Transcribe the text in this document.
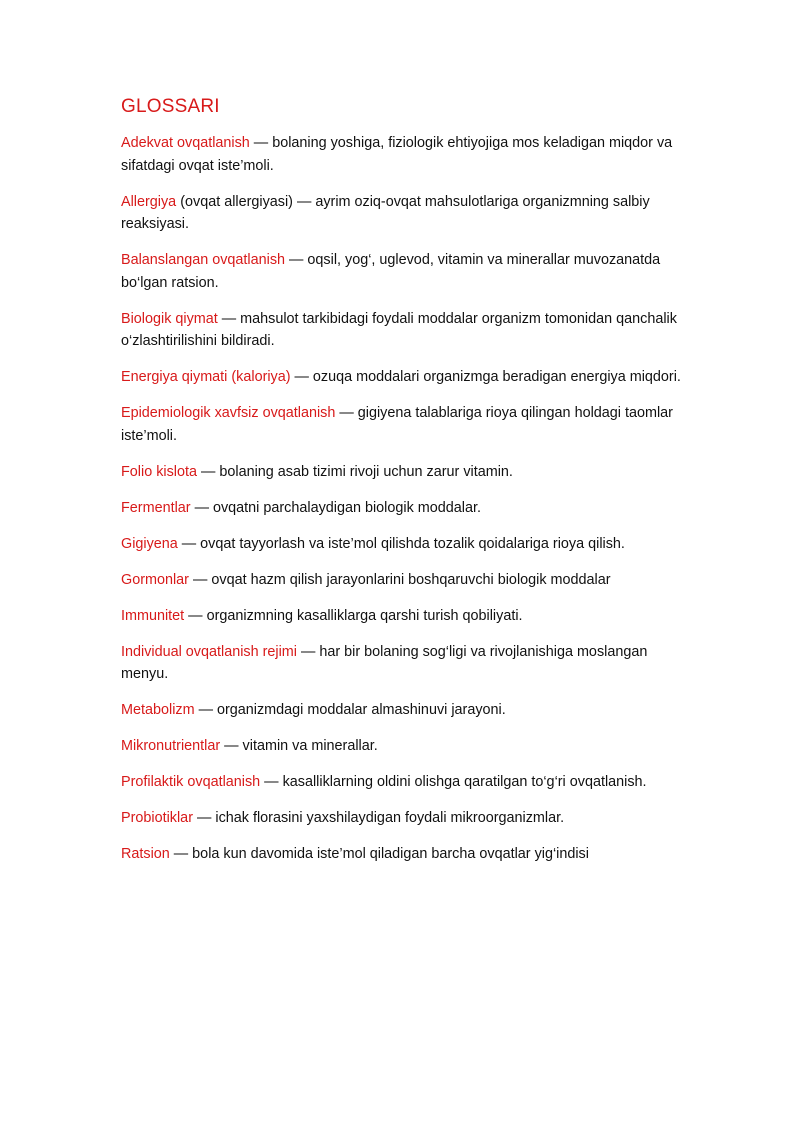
GLOSSARI

Adekvat ovqatlanish — bolaning yoshiga, fiziologik ehtiyojiga mos keladigan miqdor va sifatdagi ovqat iste’moli.

Allergiya (ovqat allergiyasi) — ayrim oziq-ovqat mahsulotlariga organizmning salbiy reaksiyasi.

Balanslangan ovqatlanish — oqsil, yog‘, uglevod, vitamin va minerallar muvozanatda bo‘lgan ratsion.

Biologik qiymat — mahsulot tarkibidagi foydali moddalar organizm tomonidan qanchalik o‘zlashtirilishini bildiradi.

Energiya qiymati (kaloriya) — ozuqa moddalari organizmga beradigan energiya miqdori.

Epidemiologik xavfsiz ovqatlanish — gigiyena talablariga rioya qilingan holdagi taomlar iste’moli.

Folio kislota — bolaning asab tizimi rivoji uchun zarur vitamin.

Fermentlar — ovqatni parchalaydigan biologik moddalar.

Gigiyena — ovqat tayyorlash va iste’mol qilishda tozalik qoidalariga rioya qilish.

Gormonlar — ovqat hazm qilish jarayonlarini boshqaruvchi biologik moddalar

Immunitet — organizmning kasalliklarga qarshi turish qobiliyati.

Individual ovqatlanish rejimi — har bir bolaning sog‘ligi va rivojlanishiga moslangan menyu.

Metabolizm — organizmdagi moddalar almashinuvi jarayoni.

Mikronutrientlar — vitamin va minerallar.

Profilaktik ovqatlanish — kasalliklarning oldini olishga qaratilgan to‘g‘ri ovqatlanish.

Probiotiklar — ichak florasini yaxshilaydigan foydali mikroorganizmlar.

Ratsion — bola kun davomida iste’mol qiladigan barcha ovqatlar yig‘indisi
